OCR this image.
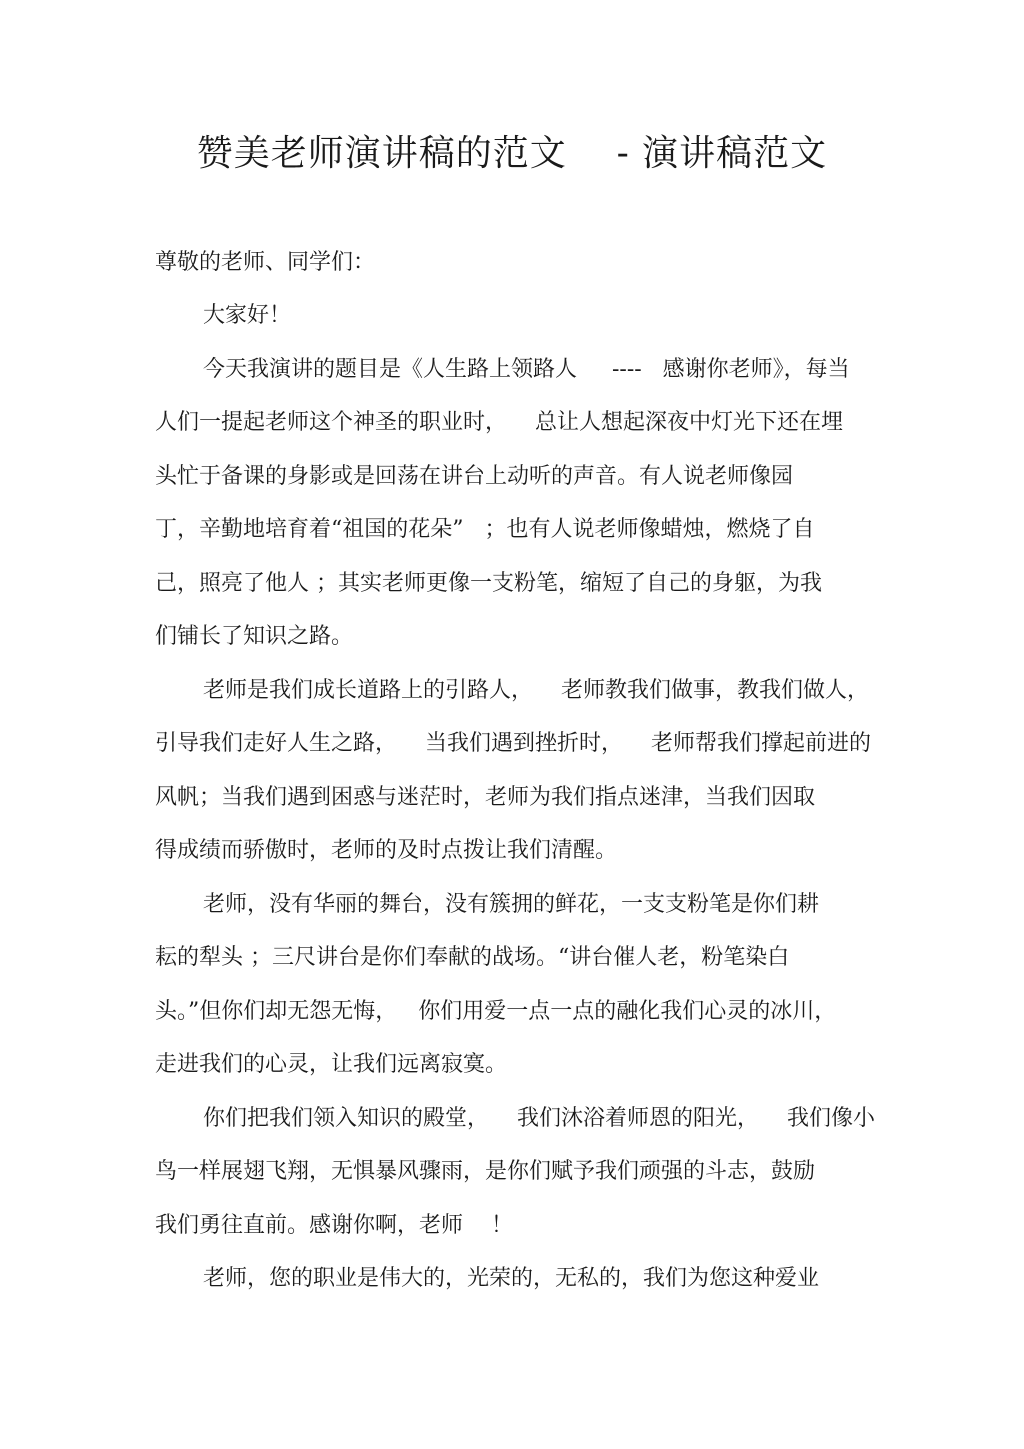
赞美老师演讲稿的范文    - 演讲稿范文
尊敬的老师、同学们：
大家好！
今天我演讲的题目是《人生路上领路人     ----   感谢你老师》，每当
人们一提起老师这个神圣的职业时，    总让人想起深夜中灯光下还在埋
头忙于备课的身影或是回荡在讲台上动听的声音。有人说老师像园
丁，辛勤地培育着“祖国的花朵”   ；也有人说老师像蜡烛，燃烧了自
己，照亮了他人 ；其实老师更像一支粉笔，缩短了自己的身躯，为我
们铺长了知识之路。
老师是我们成长道路上的引路人，    老师教我们做事，教我们做人，
引导我们走好人生之路，    当我们遇到挫折时，    老师帮我们撑起前进的
风帆；当我们遇到困惑与迷茫时，老师为我们指点迷津，当我们因取
得成绩而骄傲时，老师的及时点拨让我们清醒。
老师，没有华丽的舞台，没有簇拥的鲜花，一支支粉笔是你们耕
耘的犁头 ；三尺讲台是你们奉献的战场。“讲台催人老，粉笔染白
头。”但你们却无怨无悔，   你们用爱一点一点的融化我们心灵的冰川，
走进我们的心灵，让我们远离寂寞。
你们把我们领入知识的殿堂，    我们沐浴着师恩的阳光，    我们像小
鸟一样展翅飞翔，无惧暴风骤雨，是你们赋予我们顽强的斗志，鼓励
我们勇往直前。感谢你啊，老师    ！
老师，您的职业是伟大的，光荣的，无私的，我们为您这种爱业
